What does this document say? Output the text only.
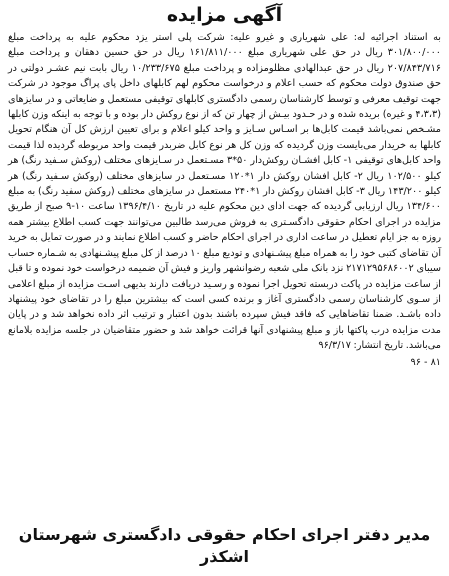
آگهی مزایده

به استناد اجرائیه له: علی شهریاری و غیرو علیه: شرکت پلی استر یزد محکوم علیه به پرداخت مبلغ ۳۰۱/۸۰۰/۰۰۰ ریال در حق علی شهریاری مبلغ ۱۶۱/۸۱۱/۰۰۰ ریال در حق حسین دهقان و پرداخت مبلغ ۲۰۷/۸۴۳/۷۱۶ ریال در حق عبدالهادی مظلومزاده و پرداخت مبلغ ۱۰/۲۳۳/۶۷۵ ریال بابت نیم عشـر دولتی در حق صندوق دولت محکوم که حسب اعلام و درخواست محکوم لهم کابلهای داخل پای پراگ موجود در شرکت جهت توقیف معرفی و توسط کارشناسان رسمی دادگستری کابلهای توقیفی مستعمل و ضایعاتی و در سایزهای (۴،۳،۳ و غیره) بریده شده و در حـدود بیـش از چهار تن که از نوع روکش دار بوده و با توجه به اینکه وزن کابلها مشـخص نمی‌باشد قیمت کابل‌ها بر اسـاس سـایز و واحد کیلو اعلام و برای تعیین ارزش کل آن هنگام تحویل کابلها به خریدار می‌بایست وزن گردیده که وزن کل هر نوع کابل ضربدر قیمت واحد مربوطه گردیده لذا قیمت واحد کابل‌های توقیفی ۱- کابل افشـان روکش‌دار ۵۰*۳ مسـتعمل در سـایزهای مختلف (روکش سـفید رنگ) هر کیلو ۱۰۲/۵۰۰ ریال ۲- کابل افشان روکش دار ۱*۱۲۰ مسـتعمل در سایزهای مختلف (روکش سـفید رنگ) هر کیلو ۱۴۳/۲۰۰ ریال ۳- کابل افشان روکش دار ۱*۲۴۰ مستعمل در سایزهای مختلف (روکش سفید رنگ) به مبلغ ۱۳۴/۶۰۰ ریال ارزیابی گردیده که جهت ادای دین محکوم علیه در تاریخ ۱۳۹۶/۴/۱۰ ساعت ۱۰-۹ صبح از طریق مزایده در اجرای احکام حقوقی دادگسـتری به فروش می‌رسد طالبین می‌توانند جهت کسب اطلاع بیشتر همه روزه به جز ایام تعطیل در ساعت اداری در اجرای احکام حاضر و کسب اطلاع نمایند و در صورت تمایل به خرید آن تقاضای کتبی خود را به همراه مبلغ پیشـنهادی و تودیع مبلغ ۱۰ درصد از کل مبلغ پیشـنهادی به شـماره حساب سیبای ۲۱۷۱۲۹۵۶۸۶۰۰۲ نزد بانک ملی شعبه رضوانشهر واریز و فیش آن ضمیمه درخواست خود نموده و تا قبل از ساعت مزایده در پاکت دربسته تحویل اجرا نموده و رسـید دریافت دارند بدیهی اسـت مزایده از مبلغ اعلامی از سـوی کارشناسان رسمی دادگستری آغاز و برنده کسی است که بیشترین مبلغ را در تقاضای خود پیشنهاد داده باشـد. ضمنا تقاضاهایی که فاقد فیش سپرده باشند بدون اعتبار و ترتیب اثر داده نخواهد شد و در پایان مدت مزایده درب پاکتها باز و مبلغ پیشنهادی آنها قرائت خواهد شد و حضور متقاضیان در جلسه مزایده بلامانع می‌باشد. تاریخ انتشار: ۹۶/۳/۱۷

۸۱ - ۹۶

مدیر دفتر اجرای احکام حقوقی دادگستری شهرستان اشکذر
